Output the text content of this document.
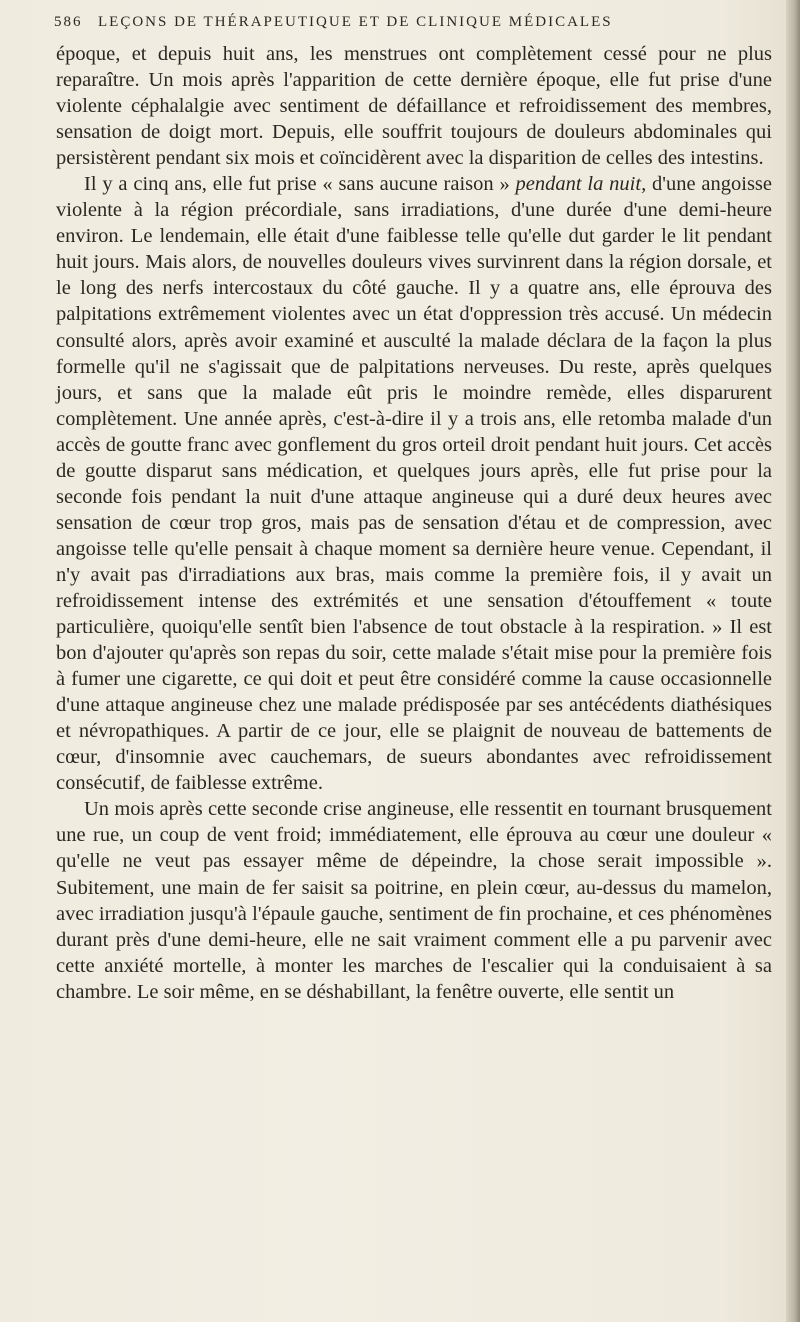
586 LEÇONS DE THÉRAPEUTIQUE ET DE CLINIQUE MÉDICALES

époque, et depuis huit ans, les menstrues ont complètement cessé pour ne plus reparaître. Un mois après l'apparition de cette dernière époque, elle fut prise d'une violente céphalalgie avec sentiment de défaillance et refroidissement des membres, sensation de doigt mort. Depuis, elle souffrit toujours de douleurs abdominales qui persistèrent pendant six mois et coïncidèrent avec la disparition de celles des intestins.

Il y a cinq ans, elle fut prise « sans aucune raison » pendant la nuit, d'une angoisse violente à la région précordiale, sans irradiations, d'une durée d'une demi-heure environ. Le lendemain, elle était d'une faiblesse telle qu'elle dut garder le lit pendant huit jours. Mais alors, de nouvelles douleurs vives survinrent dans la région dorsale, et le long des nerfs intercostaux du côté gauche. Il y a quatre ans, elle éprouva des palpitations extrêmement violentes avec un état d'oppression très accusé. Un médecin consulté alors, après avoir examiné et ausculté la malade déclara de la façon la plus formelle qu'il ne s'agissait que de palpitations nerveuses. Du reste, après quelques jours, et sans que la malade eût pris le moindre remède, elles disparurent complètement. Une année après, c'est-à-dire il y a trois ans, elle retomba malade d'un accès de goutte franc avec gonflement du gros orteil droit pendant huit jours. Cet accès de goutte disparut sans médication, et quelques jours après, elle fut prise pour la seconde fois pendant la nuit d'une attaque angineuse qui a duré deux heures avec sensation de cœur trop gros, mais pas de sensation d'étau et de compression, avec angoisse telle qu'elle pensait à chaque moment sa dernière heure venue. Cependant, il n'y avait pas d'irradiations aux bras, mais comme la première fois, il y avait un refroidissement intense des extrémités et une sensation d'étouffement « toute particulière, quoiqu'elle sentît bien l'absence de tout obstacle à la respiration. » Il est bon d'ajouter qu'après son repas du soir, cette malade s'était mise pour la première fois à fumer une cigarette, ce qui doit et peut être considéré comme la cause occasionnelle d'une attaque angineuse chez une malade prédisposée par ses antécédents diathésiques et névropathiques. A partir de ce jour, elle se plaignit de nouveau de battements de cœur, d'insomnie avec cauchemars, de sueurs abondantes avec refroidissement consécutif, de faiblesse extrême.

Un mois après cette seconde crise angineuse, elle ressentit en tournant brusquement une rue, un coup de vent froid; immédiatement, elle éprouva au cœur une douleur « qu'elle ne veut pas essayer même de dépeindre, la chose serait impossible ». Subitement, une main de fer saisit sa poitrine, en plein cœur, au-dessus du mamelon, avec irradiation jusqu'à l'épaule gauche, sentiment de fin prochaine, et ces phénomènes durant près d'une demi-heure, elle ne sait vraiment comment elle a pu parvenir avec cette anxiété mortelle, à monter les marches de l'escalier qui la conduisaient à sa chambre. Le soir même, en se déshabillant, la fenêtre ouverte, elle sentit un
